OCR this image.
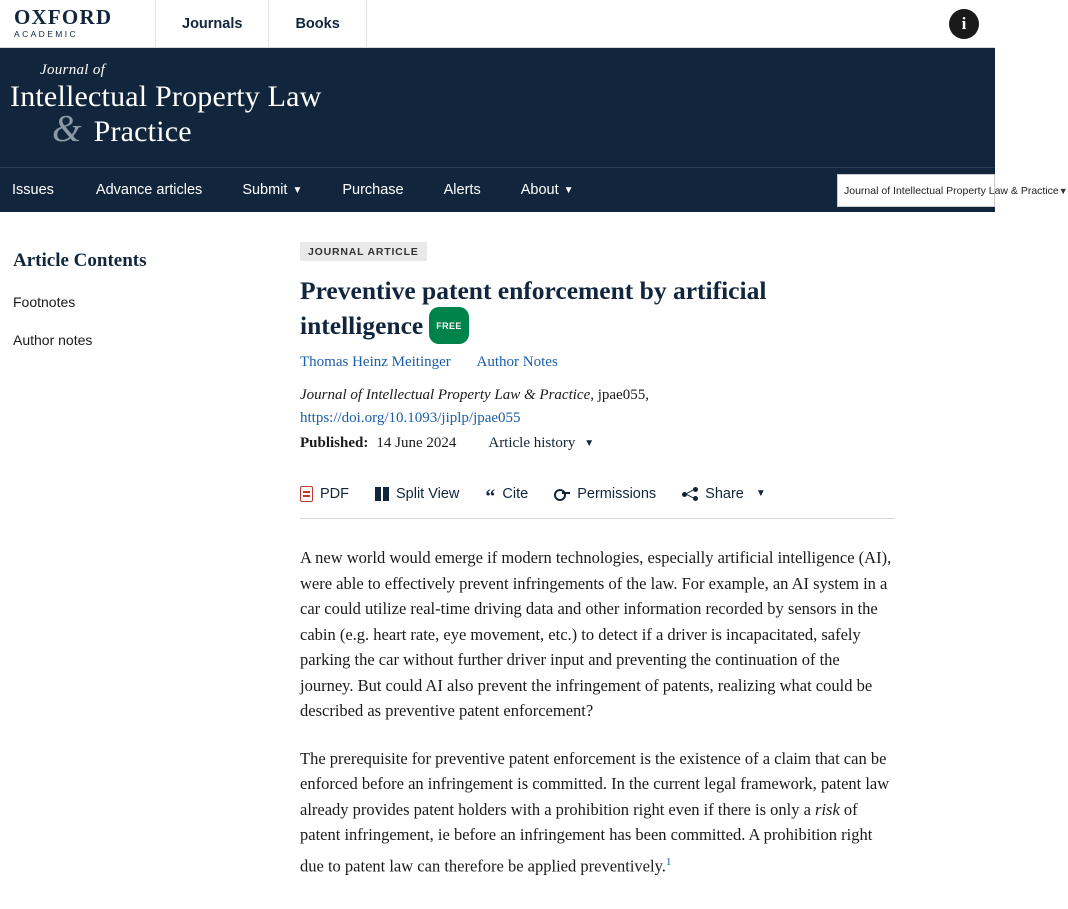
OXFORD
ACADEMIC
Journals	Books	i
Journal of
Intellectual Property Law
& Practice
Issues	Advance articles	Submit ▼	Purchase	Alerts	About ▼	Journal of Intellectual Property Law & Practice ▼
Article Contents
Footnotes
Author notes
JOURNAL ARTICLE
Preventive patent enforcement by artificial intelligence FREE
Thomas Heinz Meitinger Author Notes
Journal of Intellectual Property Law & Practice, jpae055,
https://doi.org/10.1093/jiplp/jpae055
Published: 14 June 2024 Article history ▼
PDF	Split View “ Cite	Permissions	Share ▼

A new world would emerge if modern technologies, especially artificial intelligence (AI), were able to effectively prevent infringements of the law. For example, an AI system in a car could utilize real-time driving data and other information recorded by sensors in the cabin (e.g. heart rate, eye movement, etc.) to detect if a driver is incapacitated, safely parking the car without further driver input and preventing the continuation of the journey. But could AI also prevent the infringement of patents, realizing what could be described as preventive patent enforcement?

The prerequisite for preventive patent enforcement is the existence of a claim that can be enforced before an infringement is committed. In the current legal framework, patent law already provides patent holders with a prohibition right even if there is only a risk of patent infringement, ie before an infringement has been committed. A prohibition right due to patent law can therefore be applied preventively.$^1$
